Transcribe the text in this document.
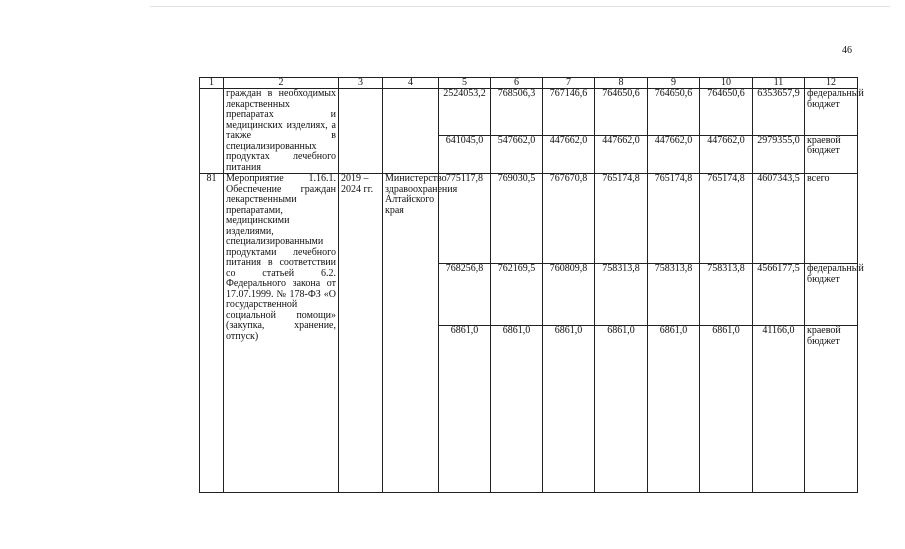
46
1	2	3	4	5	6	7	8	9	10	11	12
	граждан в необходимых лекарственных препаратах и медицинских изделиях, а также в специализированных продуктах лечебного питания			2524053,2	768506,3	767146,6	764650,6	764650,6	764650,6	6353657,9	федеральный бюджет
				641045,0	547662,0	447662,0	447662,0	447662,0	447662,0	2979355,0	краевой бюджет
81	Мероприятие 1.16.1. Обеспечение граждан лекарственными препаратами, медицинскими изделиями, специализированными продуктами лечебного питания в соответствии со статьей 6.2. Федерального закона от 17.07.1999. № 178-ФЗ «О государственной социальной помощи» (закупка, хранение, отпуск)	2019 – 2024 гг.	Министерство здравоохранения Алтайского края	775117,8	769030,5	767670,8	765174,8	765174,8	765174,8	4607343,5	всего
				768256,8	762169,5	760809,8	758313,8	758313,8	758313,8	4566177,5	федеральный бюджет
				6861,0	6861,0	6861,0	6861,0	6861,0	6861,0	41166,0	краевой бюджет
